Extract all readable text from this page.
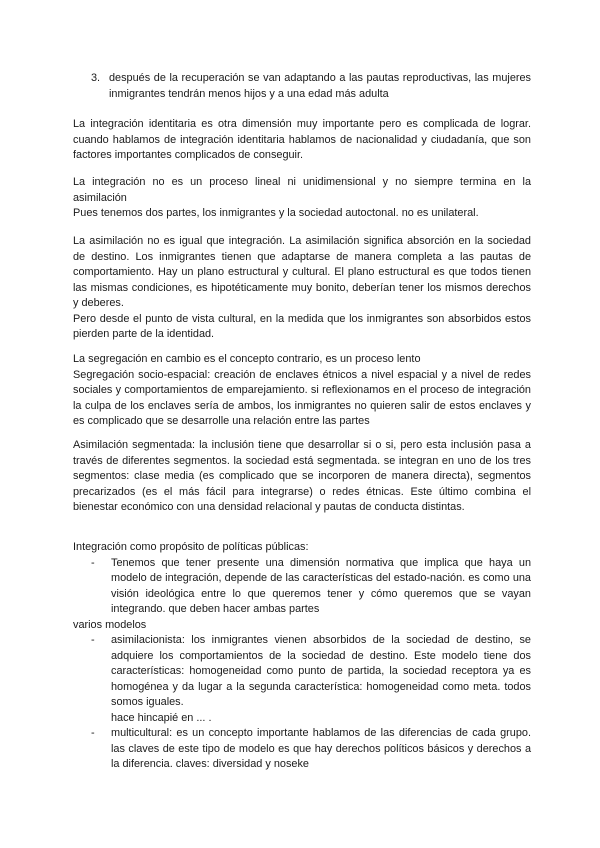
3. después de la recuperación se van adaptando a las pautas reproductivas, las mujeres inmigrantes tendrán menos hijos y a una edad más adulta

La integración identitaria es otra dimensión muy importante pero es complicada de lograr. cuando hablamos de integración identitaria hablamos de nacionalidad y ciudadanía, que son factores importantes complicados de conseguir.

La integración no es un proceso lineal ni unidimensional y no siempre termina en la asimilación

Pues tenemos dos partes, los inmigrantes y la sociedad autoctonal. no es unilateral.

La asimilación no es igual que integración. La asimilación significa absorción en la sociedad de destino. Los inmigrantes tienen que adaptarse de manera completa a las pautas de comportamiento. Hay un plano estructural y cultural. El plano estructural es que todos tienen las mismas condiciones, es hipotéticamente muy bonito, deberían tener los mismos derechos y deberes.

Pero desde el punto de vista cultural, en la medida que los inmigrantes son absorbidos estos pierden parte de la identidad.

La segregación en cambio es el concepto contrario, es un proceso lento

Segregación socio-espacial: creación de enclaves étnicos a nivel espacial y a nivel de redes sociales y comportamientos de emparejamiento. si reflexionamos en el proceso de integración la culpa de los enclaves sería de ambos, los inmigrantes no quieren salir de estos enclaves y es complicado que se desarrolle una relación entre las partes

Asimilación segmentada: la inclusión tiene que desarrollar si o si, pero esta inclusión pasa a través de diferentes segmentos. la sociedad está segmentada. se integran en uno de los tres segmentos: clase media (es complicado que se incorporen de manera directa), segmentos precarizados (es el más fácil para integrarse) o redes étnicas. Este último combina el bienestar económico con una densidad relacional y pautas de conducta distintas.

Integración como propósito de políticas públicas:

- Tenemos que tener presente una dimensión normativa que implica que haya un modelo de integración, depende de las características del estado-nación. es como una visión ideológica entre lo que queremos tener y cómo queremos que se vayan integrando. que deben hacer ambas partes

varios modelos

- asimilacionista: los inmigrantes vienen absorbidos de la sociedad de destino, se adquiere los comportamientos de la sociedad de destino. Este modelo tiene dos características: homogeneidad como punto de partida, la sociedad receptora ya es homogénea y da lugar a la segunda característica: homogeneidad como meta. todos somos iguales.

hace hincapié en ... .

- multicultural: es un concepto importante hablamos de las diferencias de cada grupo. las claves de este tipo de modelo es que hay derechos políticos básicos y derechos a la diferencia. claves: diversidad y noseke
